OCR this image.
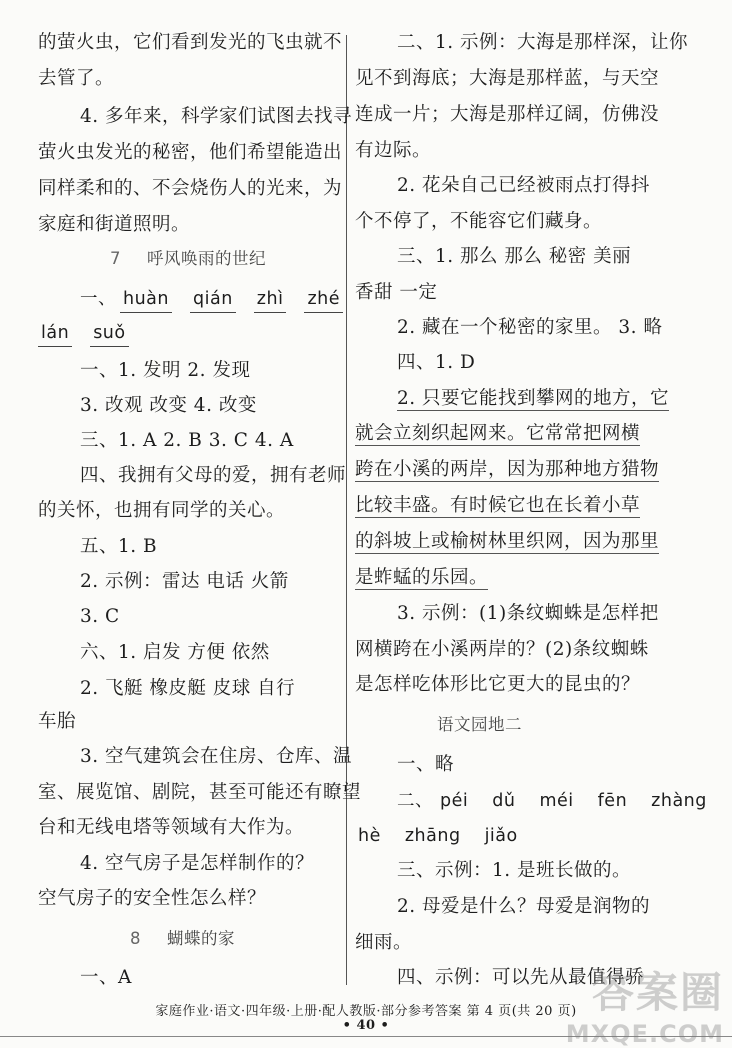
7 呼风唤雨的世纪
一、 huàn qián zhì zhé
lán suǒ
8 蝴蝶的家
的萤火虫，它们看到发光的飞虫就不
去管了。
4. 多年来，科学家们试图去找寻
萤火虫发光的秘密，他们希望能造出
同样柔和的、不会烧伤人的光来，为
家庭和街道照明。
一、1. 发明 2. 发现
3. 改观 改变 4. 改变
三、1. A 2. B 3. C 4. A
四、我拥有父母的爱，拥有老师
的关怀，也拥有同学的关心。
五、1. B
2. 示例：雷达 电话 火箭
3. C
六、1. 启发 方便 依然
2. 飞艇 橡皮艇 皮球 自行
车胎
3. 空气建筑会在住房、仓库、温
室、展览馆、剧院，甚至可能还有瞭望
台和无线电塔等领域有大作为。
4. 空气房子是怎样制作的？
空气房子的安全性怎么样？
一、A
语文园地二
二、 péi dǔ méi fēn zhàng
hè zhāng jiǎo
二、1. 示例：大海是那样深，让你
见不到海底；大海是那样蓝，与天空
连成一片；大海是那样辽阔，仿佛没
有边际。
2. 花朵自己已经被雨点打得抖
个不停了，不能容它们藏身。
三、1. 那么 那么 秘密 美丽
香甜 一定
2. 藏在一个秘密的家里。 3. 略
四、1. D
3. 示例：(1)条纹蜘蛛是怎样把
网横跨在小溪两岸的？(2)条纹蜘蛛
是怎样吃体形比它更大的昆虫的？
一、略
三、示例：1. 是班长做的。
2. 母爱是什么？母爱是润物的
细雨。
四、示例：可以先从最值得骄
2. 只要它能找到攀网的地方，它
就会立刻织起网来。它常常把网横
跨在小溪的两岸，因为那种地方猎物
比较丰盛。有时候它也在长着小草
的斜坡上或榆树林里织网，因为那里
是蚱蜢的乐园。
家庭作业·语文·四年级·上册·配人教版·部分参考答案 第 4 页(共 20 页)
• 40 •
答案圈
MXQE.COM
